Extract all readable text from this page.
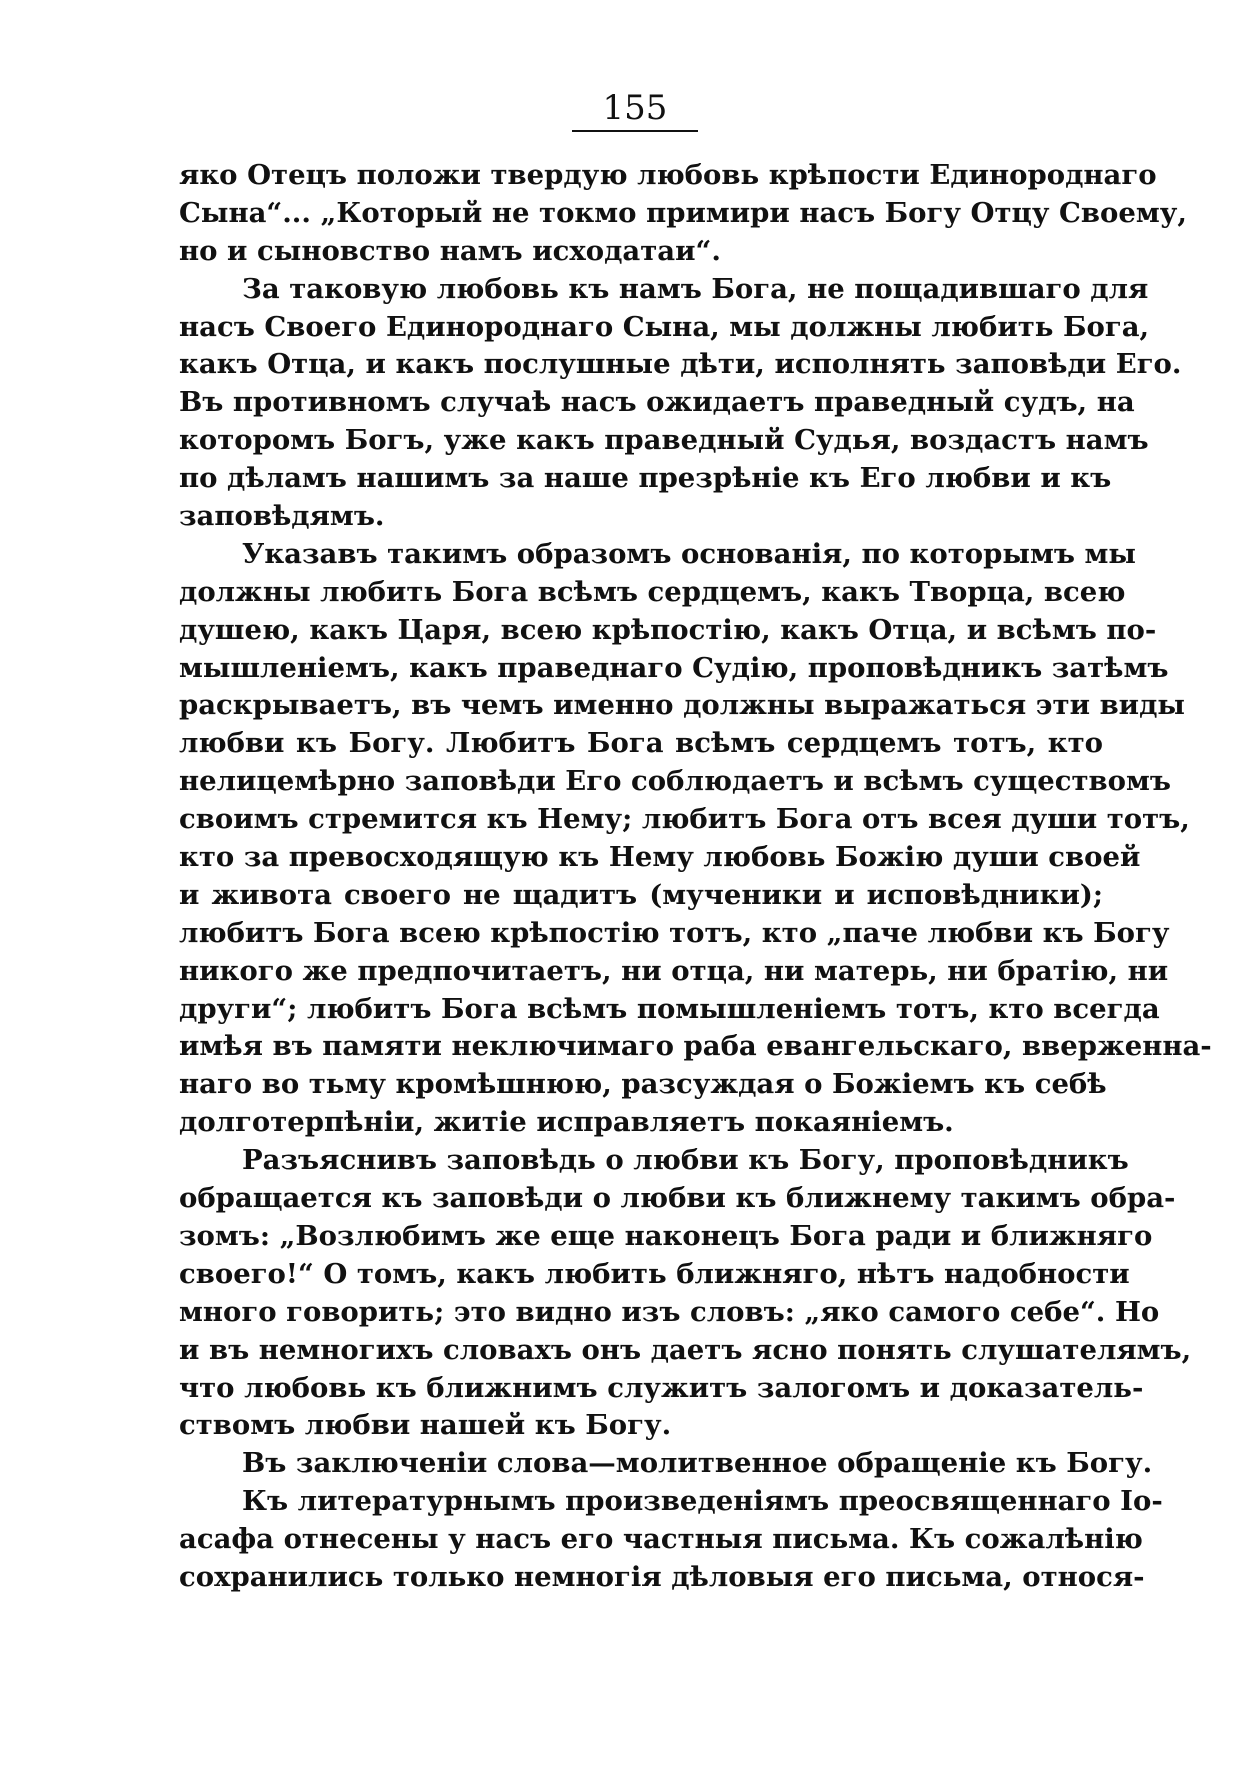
155
яко Отецъ положи твердую любовь крѣпости Единороднаго
Сына“... „Который не токмо примири насъ Богу Отцу Своему,
но и сыновство намъ исходатаи“.
За таковую любовь къ намъ Бога, не пощадившаго для
насъ Своего Единороднаго Сына, мы должны любить Бога,
какъ Отца, и какъ послушные дѣти, исполнять заповѣди Его.
Въ противномъ случаѣ насъ ожидаетъ праведный судъ, на
которомъ Богъ, уже какъ праведный Судья, воздастъ намъ
по дѣламъ нашимъ за наше презрѣніе къ Его любви и къ
заповѣдямъ.
Указавъ такимъ образомъ основанія, по которымъ мы
должны любить Бога всѣмъ сердцемъ, какъ Творца, всею
душею, какъ Царя, всею крѣпостію, какъ Отца, и всѣмъ по-
мышленіемъ, какъ праведнаго Судію, проповѣдникъ затѣмъ
раскрываетъ, въ чемъ именно должны выражаться эти виды
любви къ Богу. Любитъ Бога всѣмъ сердцемъ тотъ, кто
нелицемѣрно заповѣди Его соблюдаетъ и всѣмъ существомъ
своимъ стремится къ Нему; любитъ Бога отъ всея души тотъ,
кто за превосходящую къ Нему любовь Божію души своей
и живота своего не щадитъ (мученики и исповѣдники);
любитъ Бога всею крѣпостію тотъ, кто „паче любви къ Богу
никого же предпочитаетъ, ни отца, ни матерь, ни братію, ни
други“; любитъ Бога всѣмъ помышленіемъ тотъ, кто всегда
имѣя въ памяти неключимаго раба евангельскаго, вверженна-
наго во тьму кромѣшнюю, разсуждая о Божіемъ къ себѣ
долготерпѣніи, житіе исправляетъ покаяніемъ.
Разъяснивъ заповѣдь о любви къ Богу, проповѣдникъ
обращается къ заповѣди о любви къ ближнему такимъ обра-
зомъ: „Возлюбимъ же еще наконецъ Бога ради и ближняго
своего!“ О томъ, какъ любить ближняго, нѣтъ надобности
много говорить; это видно изъ словъ: „яко самого себе“. Но
и въ немногихъ словахъ онъ даетъ ясно понять слушателямъ,
что любовь къ ближнимъ служитъ залогомъ и доказатель-
ствомъ любви нашей къ Богу.
Въ заключеніи слова—молитвенное обращеніе къ Богу.
Къ литературнымъ произведеніямъ преосвященнаго Іо-
асафа отнесены у насъ его частныя письма. Къ сожалѣнію
сохранились только немногія дѣловыя его письма, относя-
